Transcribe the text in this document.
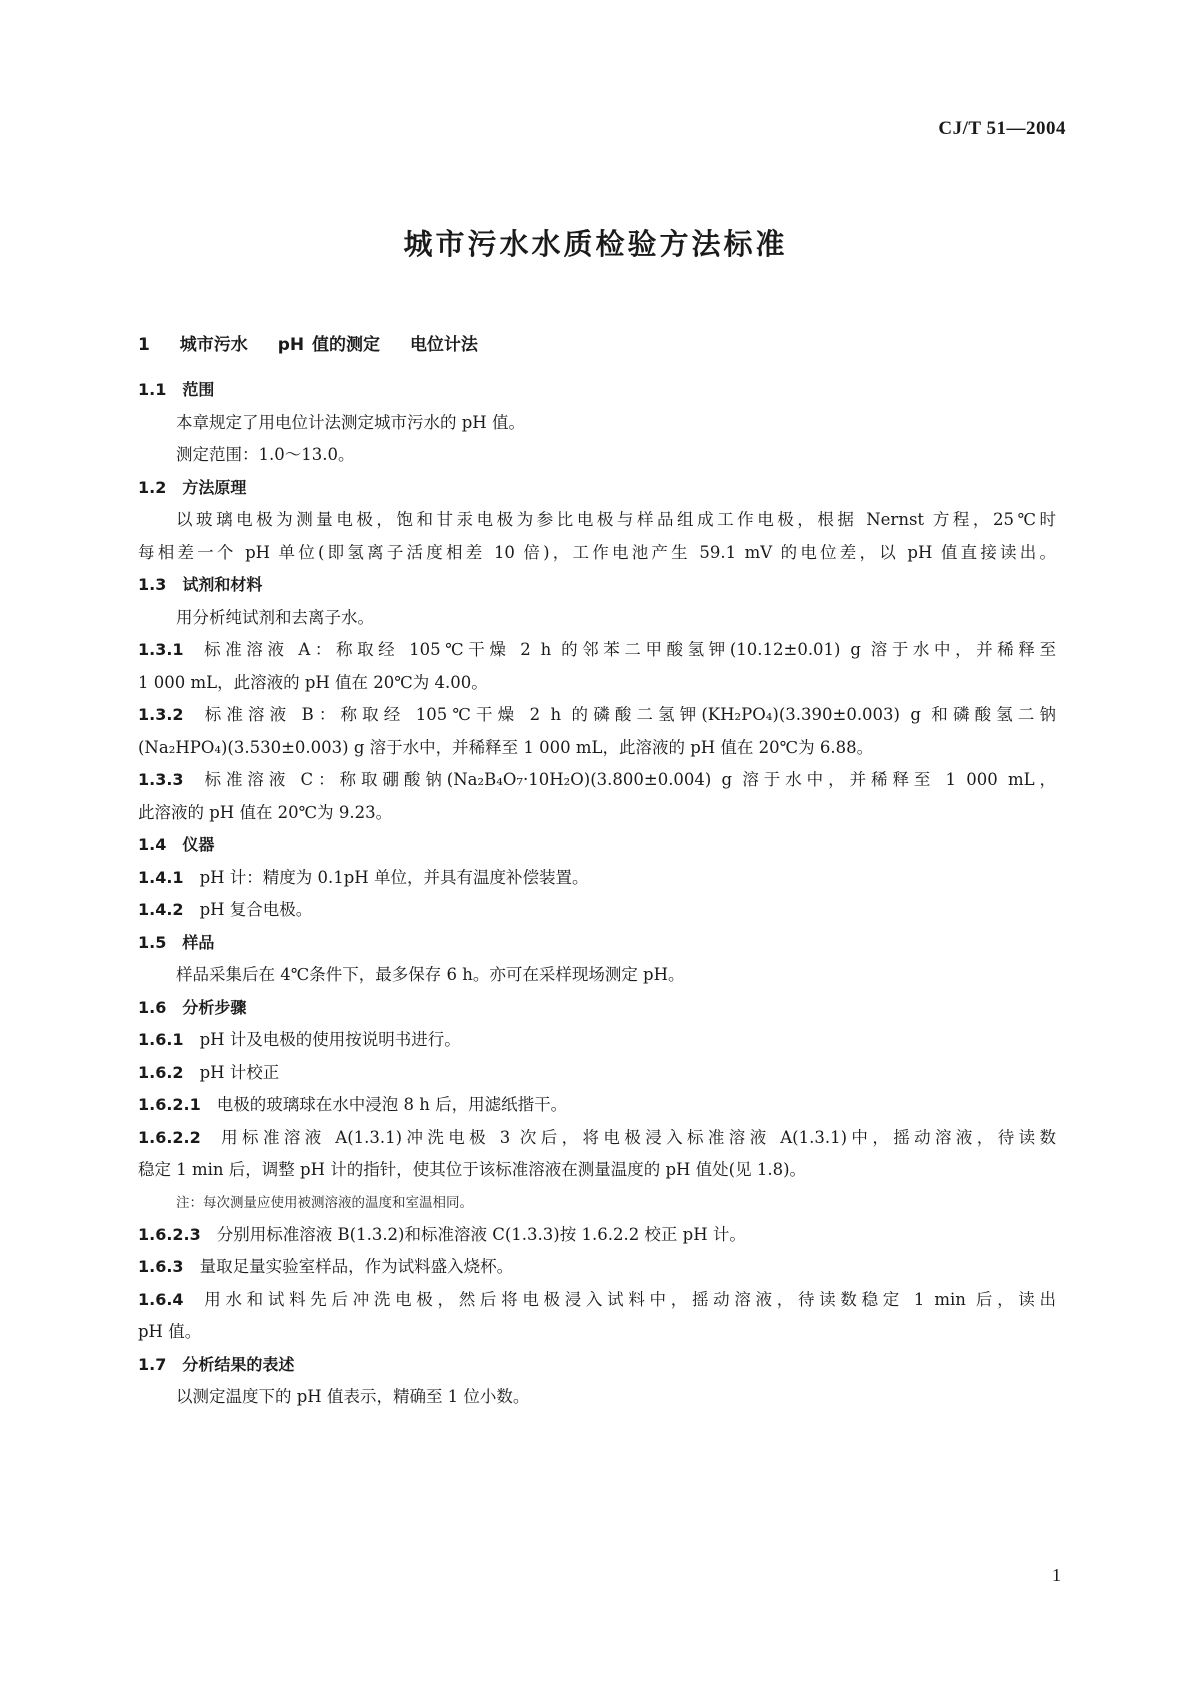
CJ/T 51—2004
城市污水水质检验方法标准
1 城市污水 pH 值的测定 电位计法
1.1 范围
本章规定了用电位计法测定城市污水的 pH 值。
测定范围：1.0～13.0。
1.2 方法原理
以玻璃电极为测量电极，饱和甘汞电极为参比电极与样品组成工作电极，根据 Nernst 方程，25℃时
每相差一个 pH 单位(即氢离子活度相差 10 倍)，工作电池产生 59.1 mV 的电位差，以 pH 值直接读出。
1.3 试剂和材料
用分析纯试剂和去离子水。
1.3.1 标准溶液 A：称取经 105℃干燥 2 h 的邻苯二甲酸氢钾(10.12±0.01) g 溶于水中，并稀释至
1 000 mL，此溶液的 pH 值在 20℃为 4.00。
1.3.2 标准溶液 B：称取经 105℃干燥 2 h 的磷酸二氢钾(KH₂PO₄)(3.390±0.003) g 和磷酸氢二钠
(Na₂HPO₄)(3.530±0.003) g 溶于水中，并稀释至 1 000 mL，此溶液的 pH 值在 20℃为 6.88。
1.3.3 标准溶液 C：称取硼酸钠(Na₂B₄O₇·10H₂O)(3.800±0.004) g 溶于水中，并稀释至 1 000 mL，
此溶液的 pH 值在 20℃为 9.23。
1.4 仪器
1.4.1 pH 计：精度为 0.1pH 单位，并具有温度补偿装置。
1.4.2 pH 复合电极。
1.5 样品
样品采集后在 4℃条件下，最多保存 6 h。亦可在采样现场测定 pH。
1.6 分析步骤
1.6.1 pH 计及电极的使用按说明书进行。
1.6.2 pH 计校正
1.6.2.1 电极的玻璃球在水中浸泡 8 h 后，用滤纸揩干。
1.6.2.2 用标准溶液 A(1.3.1)冲洗电极 3 次后，将电极浸入标准溶液 A(1.3.1)中，摇动溶液，待读数
稳定 1 min 后，调整 pH 计的指针，使其位于该标准溶液在测量温度的 pH 值处(见 1.8)。
注：每次测量应使用被测溶液的温度和室温相同。
1.6.2.3 分别用标准溶液 B(1.3.2)和标准溶液 C(1.3.3)按 1.6.2.2 校正 pH 计。
1.6.3 量取足量实验室样品，作为试料盛入烧杯。
1.6.4 用水和试料先后冲洗电极，然后将电极浸入试料中，摇动溶液，待读数稳定 1 min 后，读出
pH 值。
1.7 分析结果的表述
以测定温度下的 pH 值表示，精确至 1 位小数。
1
